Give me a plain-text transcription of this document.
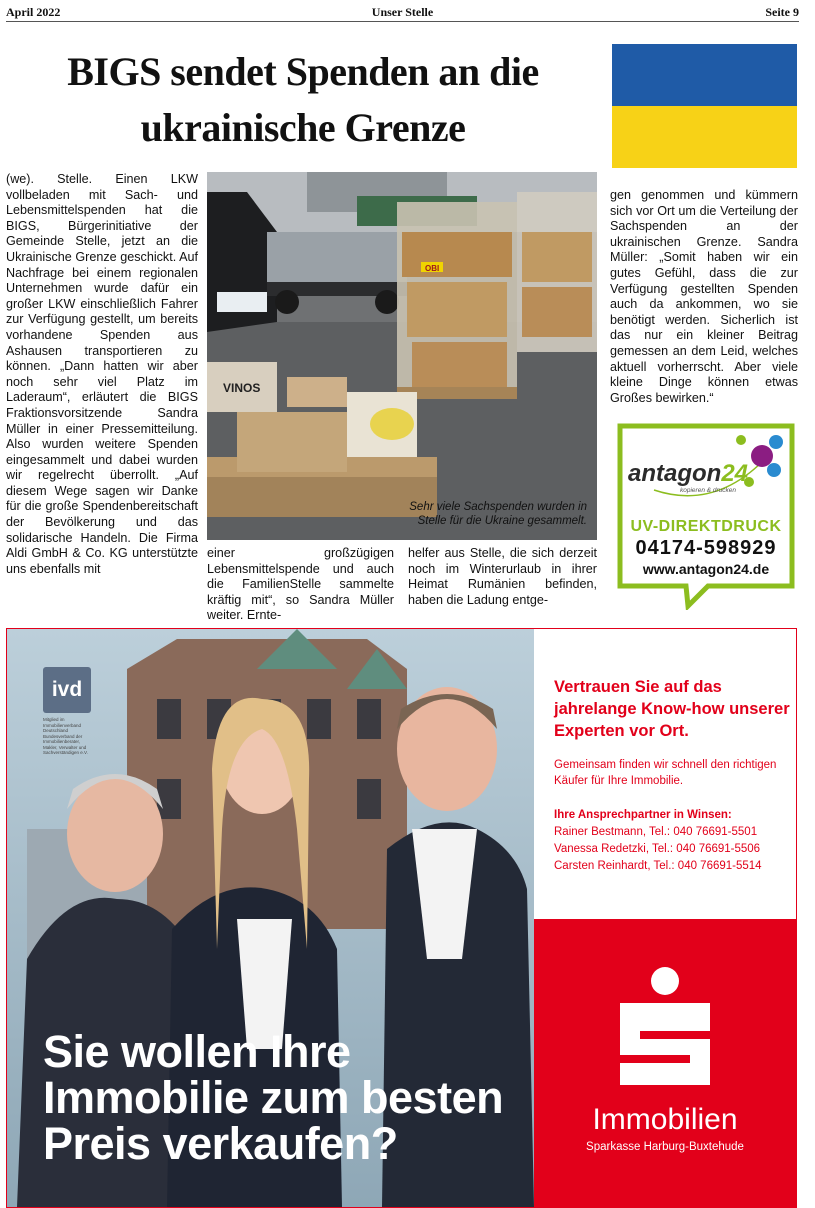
April 2022	Unser Stelle	Seite 9
BIGS sendet Spenden an die
ukrainische Grenze

(we). Stelle. Einen LKW vollbeladen mit Sach- und Lebensmittelspenden hat die BIGS, Bürgerinitiative der Gemeinde Stelle, jetzt an die Ukrainische Grenze geschickt. Auf Nachfrage bei einem regionalen Unternehmen wurde dafür ein großer LKW einschließlich Fahrer zur Verfügung gestellt, um bereits vorhandene Spenden aus Ashausen transportieren zu können. „Dann hatten wir aber noch sehr viel Platz im Laderaum“, erläutert die BIGS Fraktionsvorsitzende Sandra Müller in einer Pressemitteilung. Also wurden weitere Spenden eingesammelt und dabei wurden wir regelrecht überrollt. „Auf diesem Wege sagen wir Danke für die große Spendenbereitschaft der Bevölkerung und das solidarische Handeln. Die Firma Aldi GmbH & Co. KG unterstützte uns ebenfalls mit

einer großzügigen Lebensmittelspende und auch die FamilienStelle sammelte kräftig mit“, so Sandra Müller weiter. Ernte-

helfer aus Stelle, die sich derzeit noch im Winterurlaub in ihrer Heimat Rumänien befinden, haben die Ladung entge-

gen genommen und kümmern sich vor Ort um die Verteilung der Sachspenden an der ukrainischen Grenze. Sandra Müller: „Somit haben wir ein gutes Gefühl, dass die zur Verfügung gestellten Spenden auch da ankommen, wo sie benötigt werden. Sicherlich ist das nur ein kleiner Beitrag gemessen an dem Leid, welches aktuell vorherrscht. Aber viele kleine Dinge können etwas Großes bewirken.“

OBI
VINOS
Sehr viele Sachspenden wurden in Stelle für die Ukraine gesammelt.
antagon24
kopieren & drucken
UV-DIREKTDRUCK
04174-598929
www.antagon24.de
ivd
Mitglied im Immobilienverband Deutschland Bundesverband der Immobilienberater, Makler, Verwalter und Sachverständigen e.V.
Sie wollen Ihre
Immobilie zum besten
Preis verkaufen?
Vertrauen Sie auf das jahrelange Know-how unserer Experten vor Ort.
Gemeinsam finden wir schnell den richtigen Käufer für Ihre Immobilie.
Ihre Ansprechpartner in Winsen:
Rainer Bestmann, Tel.: 040 76691-5501
Vanessa Redetzki, Tel.: 040 76691-5506
Carsten Reinhardt, Tel.: 040 76691-5514
Immobilien
Sparkasse Harburg-Buxtehude
